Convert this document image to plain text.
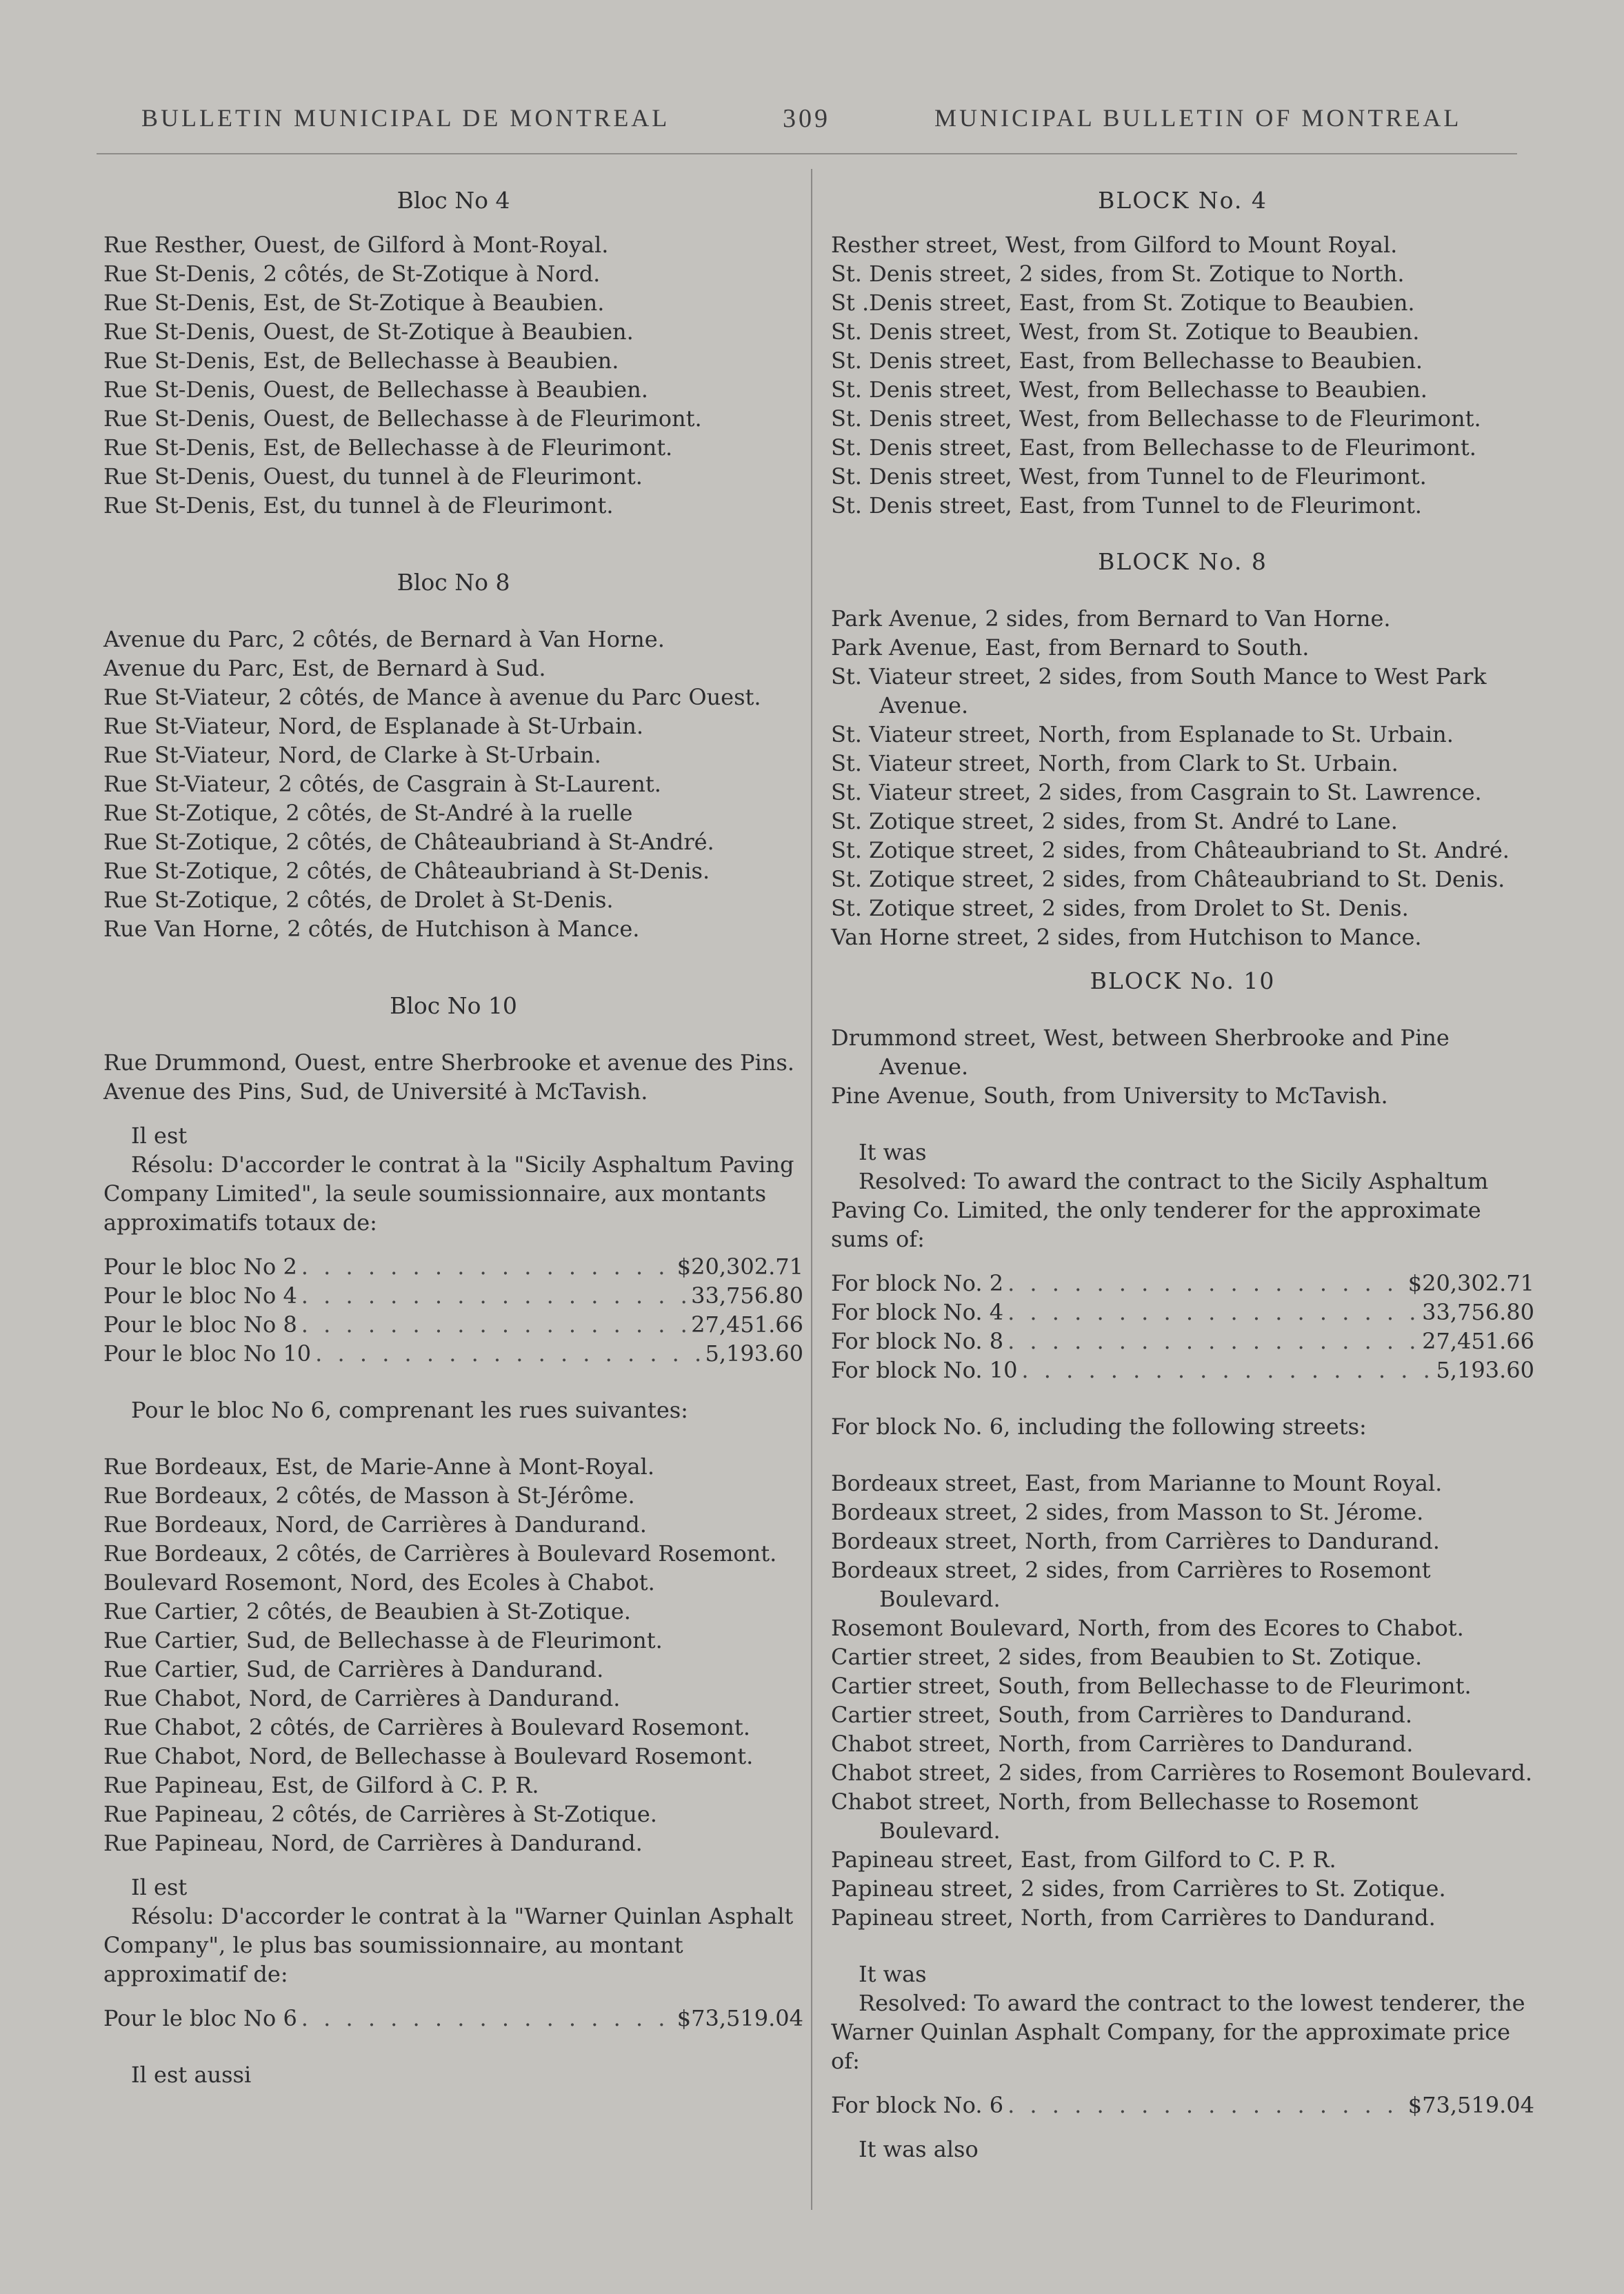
BULLETIN MUNICIPAL DE MONTREAL	309	MUNICIPAL BULLETIN OF MONTREAL
Bloc No 4
Rue Resther, Ouest, de Gilford à Mont-Royal.
Rue St-Denis, 2 côtés, de St-Zotique à Nord.
Rue St-Denis, Est, de St-Zotique à Beaubien.
Rue St-Denis, Ouest, de St-Zotique à Beaubien.
Rue St-Denis, Est, de Bellechasse à Beaubien.
Rue St-Denis, Ouest, de Bellechasse à Beaubien.
Rue St-Denis, Ouest, de Bellechasse à de Fleurimont.
Rue St-Denis, Est, de Bellechasse à de Fleurimont.
Rue St-Denis, Ouest, du tunnel à de Fleurimont.
Rue St-Denis, Est, du tunnel à de Fleurimont.
Bloc No 8
Avenue du Parc, 2 côtés, de Bernard à Van Horne.
Avenue du Parc, Est, de Bernard à Sud.
Rue St-Viateur, 2 côtés, de Mance à avenue du Parc Ouest.
Rue St-Viateur, Nord, de Esplanade à St-Urbain.
Rue St-Viateur, Nord, de Clarke à St-Urbain.
Rue St-Viateur, 2 côtés, de Casgrain à St-Laurent.
Rue St-Zotique, 2 côtés, de St-André à la ruelle
Rue St-Zotique, 2 côtés, de Châteaubriand à St-André.
Rue St-Zotique, 2 côtés, de Châteaubriand à St-Denis.
Rue St-Zotique, 2 côtés, de Drolet à St-Denis.
Rue Van Horne, 2 côtés, de Hutchison à Mance.
Bloc No 10
Rue Drummond, Ouest, entre Sherbrooke et avenue des Pins.
Avenue des Pins, Sud, de Université à McTavish.

Il est

Résolu: D'accorder le contrat à la "Sicily Asphaltum Paving Company Limited", la seule soumissionnaire, aux montants approximatifs totaux de:

Pour le bloc No 2 . . .	$20,302.71
Pour le bloc No 4 . . .	33,756.80
Pour le bloc No 8 . . .	27,451.66
Pour le bloc No 10 . . .	5,193.60

Pour le bloc No 6, comprenant les rues suivantes:

Rue Bordeaux, Est, de Marie-Anne à Mont-Royal.
Rue Bordeaux, 2 côtés, de Masson à St-Jérôme.
Rue Bordeaux, Nord, de Carrières à Dandurand.
Rue Bordeaux, 2 côtés, de Carrières à Boulevard Rosemont.
Boulevard Rosemont, Nord, des Ecoles à Chabot.
Rue Cartier, 2 côtés, de Beaubien à St-Zotique.
Rue Cartier, Sud, de Bellechasse à de Fleurimont.
Rue Cartier, Sud, de Carrières à Dandurand.
Rue Chabot, Nord, de Carrières à Dandurand.
Rue Chabot, 2 côtés, de Carrières à Boulevard Rosemont.
Rue Chabot, Nord, de Bellechasse à Boulevard Rosemont.
Rue Papineau, Est, de Gilford à C. P. R.
Rue Papineau, 2 côtés, de Carrières à St-Zotique.
Rue Papineau, Nord, de Carrières à Dandurand.

Il est

Résolu: D'accorder le contrat à la "Warner Quinlan Asphalt Company", le plus bas soumissionnaire, au montant approximatif de:

Pour le bloc No 6 . . .	$73,519.04

Il est aussi

BLOCK No. 4
Resther street, West, from Gilford to Mount Royal.
St. Denis street, 2 sides, from St. Zotique to North.
St .Denis street, East, from St. Zotique to Beaubien.
St. Denis street, West, from St. Zotique to Beaubien.
St. Denis street, East, from Bellechasse to Beaubien.
St. Denis street, West, from Bellechasse to Beaubien.
St. Denis street, West, from Bellechasse to de Fleurimont.
St. Denis street, East, from Bellechasse to de Fleurimont.
St. Denis street, West, from Tunnel to de Fleurimont.
St. Denis street, East, from Tunnel to de Fleurimont.
BLOCK No. 8
Park Avenue, 2 sides, from Bernard to Van Horne.
Park Avenue, East, from Bernard to South.
St. Viateur street, 2 sides, from South Mance to West Park Avenue.
St. Viateur street, North, from Esplanade to St. Urbain.
St. Viateur street, North, from Clark to St. Urbain.
St. Viateur street, 2 sides, from Casgrain to St. Lawrence.
St. Zotique street, 2 sides, from St. André to Lane.
St. Zotique street, 2 sides, from Châteaubriand to St. André.
St. Zotique street, 2 sides, from Châteaubriand to St. Denis.
St. Zotique street, 2 sides, from Drolet to St. Denis.
Van Horne street, 2 sides, from Hutchison to Mance.
BLOCK No. 10
Drummond street, West, between Sherbrooke and Pine Avenue.
Pine Avenue, South, from University to McTavish.

It was

Resolved: To award the contract to the Sicily Asphaltum Paving Co. Limited, the only tenderer for the approximate sums of:

For block No. 2 . . .	$20,302.71
For block No. 4 . . .	33,756.80
For block No. 8 . . .	27,451.66
For block No. 10 . . .	5,193.60

For block No. 6, including the following streets:

Bordeaux street, East, from Marianne to Mount Royal.
Bordeaux street, 2 sides, from Masson to St. Jérome.
Bordeaux street, North, from Carrières to Dandurand.
Bordeaux street, 2 sides, from Carrières to Rosemont Boulevard.
Rosemont Boulevard, North, from des Ecores to Chabot.
Cartier street, 2 sides, from Beaubien to St. Zotique.
Cartier street, South, from Bellechasse to de Fleurimont.
Cartier street, South, from Carrières to Dandurand.
Chabot street, North, from Carrières to Dandurand.
Chabot street, 2 sides, from Carrières to Rosemont Boulevard.
Chabot street, North, from Bellechasse to Rosemont Boulevard.
Papineau street, East, from Gilford to C. P. R.
Papineau street, 2 sides, from Carrières to St. Zotique.
Papineau street, North, from Carrières to Dandurand.

It was

Resolved: To award the contract to the lowest tenderer, the Warner Quinlan Asphalt Company, for the approximate price of:

For block No. 6 . . .	$73,519.04

It was also
